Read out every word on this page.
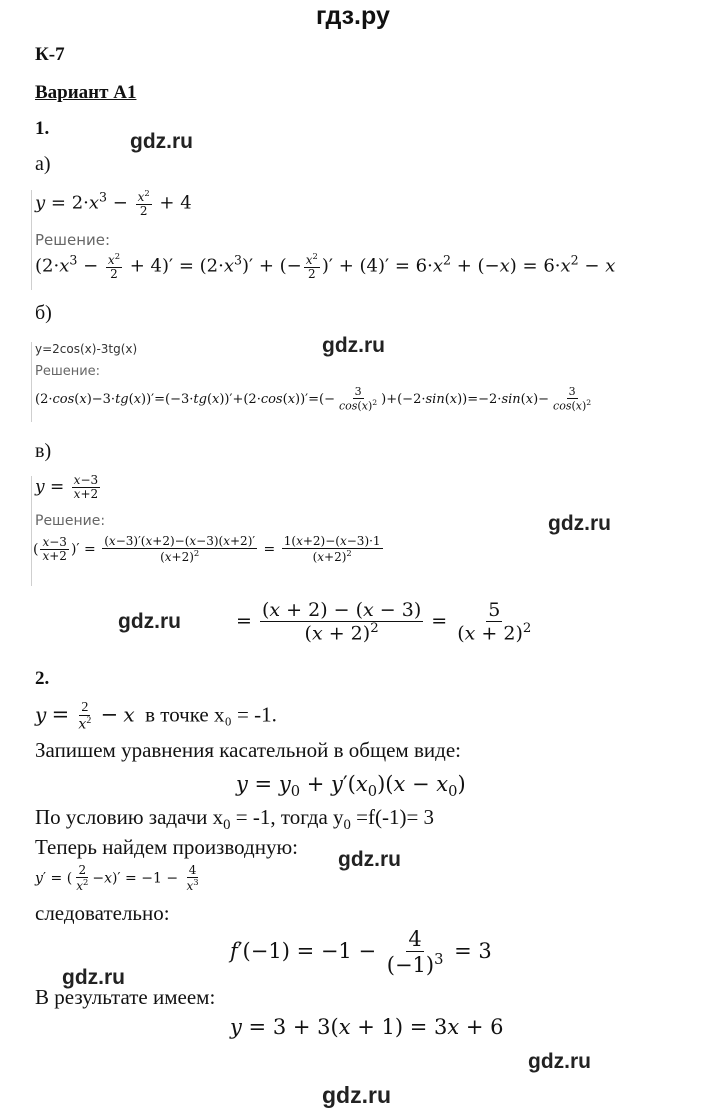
гдз.ру
К-7
Вариант А1
1.
gdz.ru
а)
$y = 2\cdot x^3 - \frac{x^2}{2} + 4$
Решение:
$(2\cdot x^3 - \frac{x^2}{2} + 4)' = (2\cdot x^3)'$ + (− $\frac{x^2}{2}$ )′ + $(4)' = 6\cdot x^2 + (-x) = 6\cdot x^2 - x$
б)
gdz.ru
y=2cos(x)-3tg(x)
Решение:
$(2\cdot\cos(x)-3\cdot tg(x))'=(-3\cdot tg(x))'+(2\cdot\cos(x))'=(- \frac{3}{\cos(x)^2} )+(-2\cdot\sin(x))=-2\cdot\sin(x)- \frac{3}{\cos(x)^2}$
в)
$y = \frac{x-3}{x+2}$
Решение:	gdz.ru
( $\frac{x-3}{x+2}$ )′ = $\frac{(x-3)'(x+2)-(x-3)(x+2)'}{(x+2)^2} = \frac{1(x+2)-(x-3)\cdot 1}{(x+2)^2}$
gdz.ru	= $\frac{(x + 2) - (x - 3)}{(x + 2)^2} = \frac{5}{(x + 2)^2}$
2.
$y = \frac{2}{x^2} - x$ в точке x₀ = -1.
Запишем уравнения касательной в общем виде:
$y = y_0 + y'(x_0)(x - x_0)$
По условию задачи $x_0 = -1$, тогда $y_0 =f(-1)= 3$
Теперь найдем производную:
gdz.ru
y′ = ( $\frac{2}{x^2} -x)' = -1 - \frac{4}{x^3}$
следовательно:
$f'(-1) = -1 - \frac{4}{(-1)^3} = 3$
gdz.ru
В результате имеем:
y = 3 + 3(x + 1) = 3x + 6
gdz.ru
gdz.ru
